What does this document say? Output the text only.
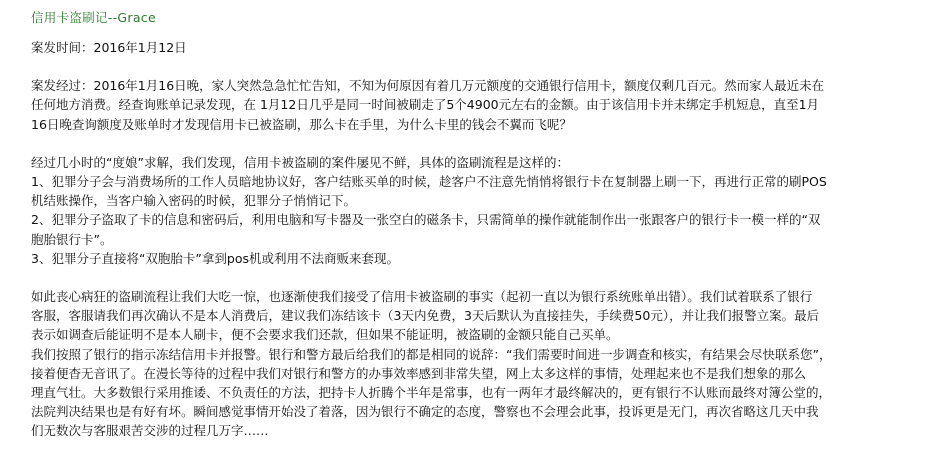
信用卡盗刷记--Grace

案发时间：2016年1月12日

案发经过：2016年1月16日晚，家人突然急急忙忙告知，不知为何原因有着几万元额度的交通银行信用卡，额度仅剩几百元。然而家人最近未在

任何地方消费。经查询账单记录发现，在 1月12日几乎是同一时间被刷走了5个4900元左右的金额。由于该信用卡并未绑定手机短息，直至1月

16日晚查询额度及账单时才发现信用卡已被盗刷，那么卡在手里，为什么卡里的钱会不翼而飞呢？

经过几小时的“度娘”求解，我们发现，信用卡被盗刷的案件屡见不鲜，具体的盗刷流程是这样的：

1、犯罪分子会与消费场所的工作人员暗地协议好，客户结账买单的时候，趁客户不注意先悄悄将银行卡在复制器上刷一下，再进行正常的刷POS

机结账操作，当客户输入密码的时候，犯罪分子悄悄记下。

2、犯罪分子盗取了卡的信息和密码后，利用电脑和写卡器及一张空白的磁条卡，只需简单的操作就能制作出一张跟客户的银行卡一模一样的“双

胞胎银行卡”。

3、犯罪分子直接将“双胞胎卡”拿到pos机或利用不法商贩来套现。

如此丧心病狂的盗刷流程让我们大吃一惊，也逐渐使我们接受了信用卡被盗刷的事实（起初一直以为银行系统账单出错）。我们试着联系了银行

客服，客服请我们再次确认不是本人消费后，建议我们冻结该卡（3天内免费，3天后默认为直接挂失，手续费50元），并让我们报警立案。最后

表示如调查后能证明不是本人刷卡，便不会要求我们还款，但如果不能证明，被盗刷的金额只能自己买单。

我们按照了银行的指示冻结信用卡并报警。银行和警方最后给我们的都是相同的说辞：“我们需要时间进一步调查和核实，有结果会尽快联系您”，

接着便杳无音讯了。在漫长等待的过程中我们对银行和警方的办事效率感到非常失望，网上太多这样的事情，处理起来也不是我们想象的那么

理直气壮。大多数银行采用推诿、不负责任的方法，把持卡人折腾个半年是常事，也有一两年才最终解决的，更有银行不认账而最终对簿公堂的，

法院判决结果也是有好有坏。瞬间感觉事情开始没了着落，因为银行不确定的态度，警察也不会理会此事，投诉更是无门，再次省略这几天中我

们无数次与客服艰苦交涉的过程几万字……
